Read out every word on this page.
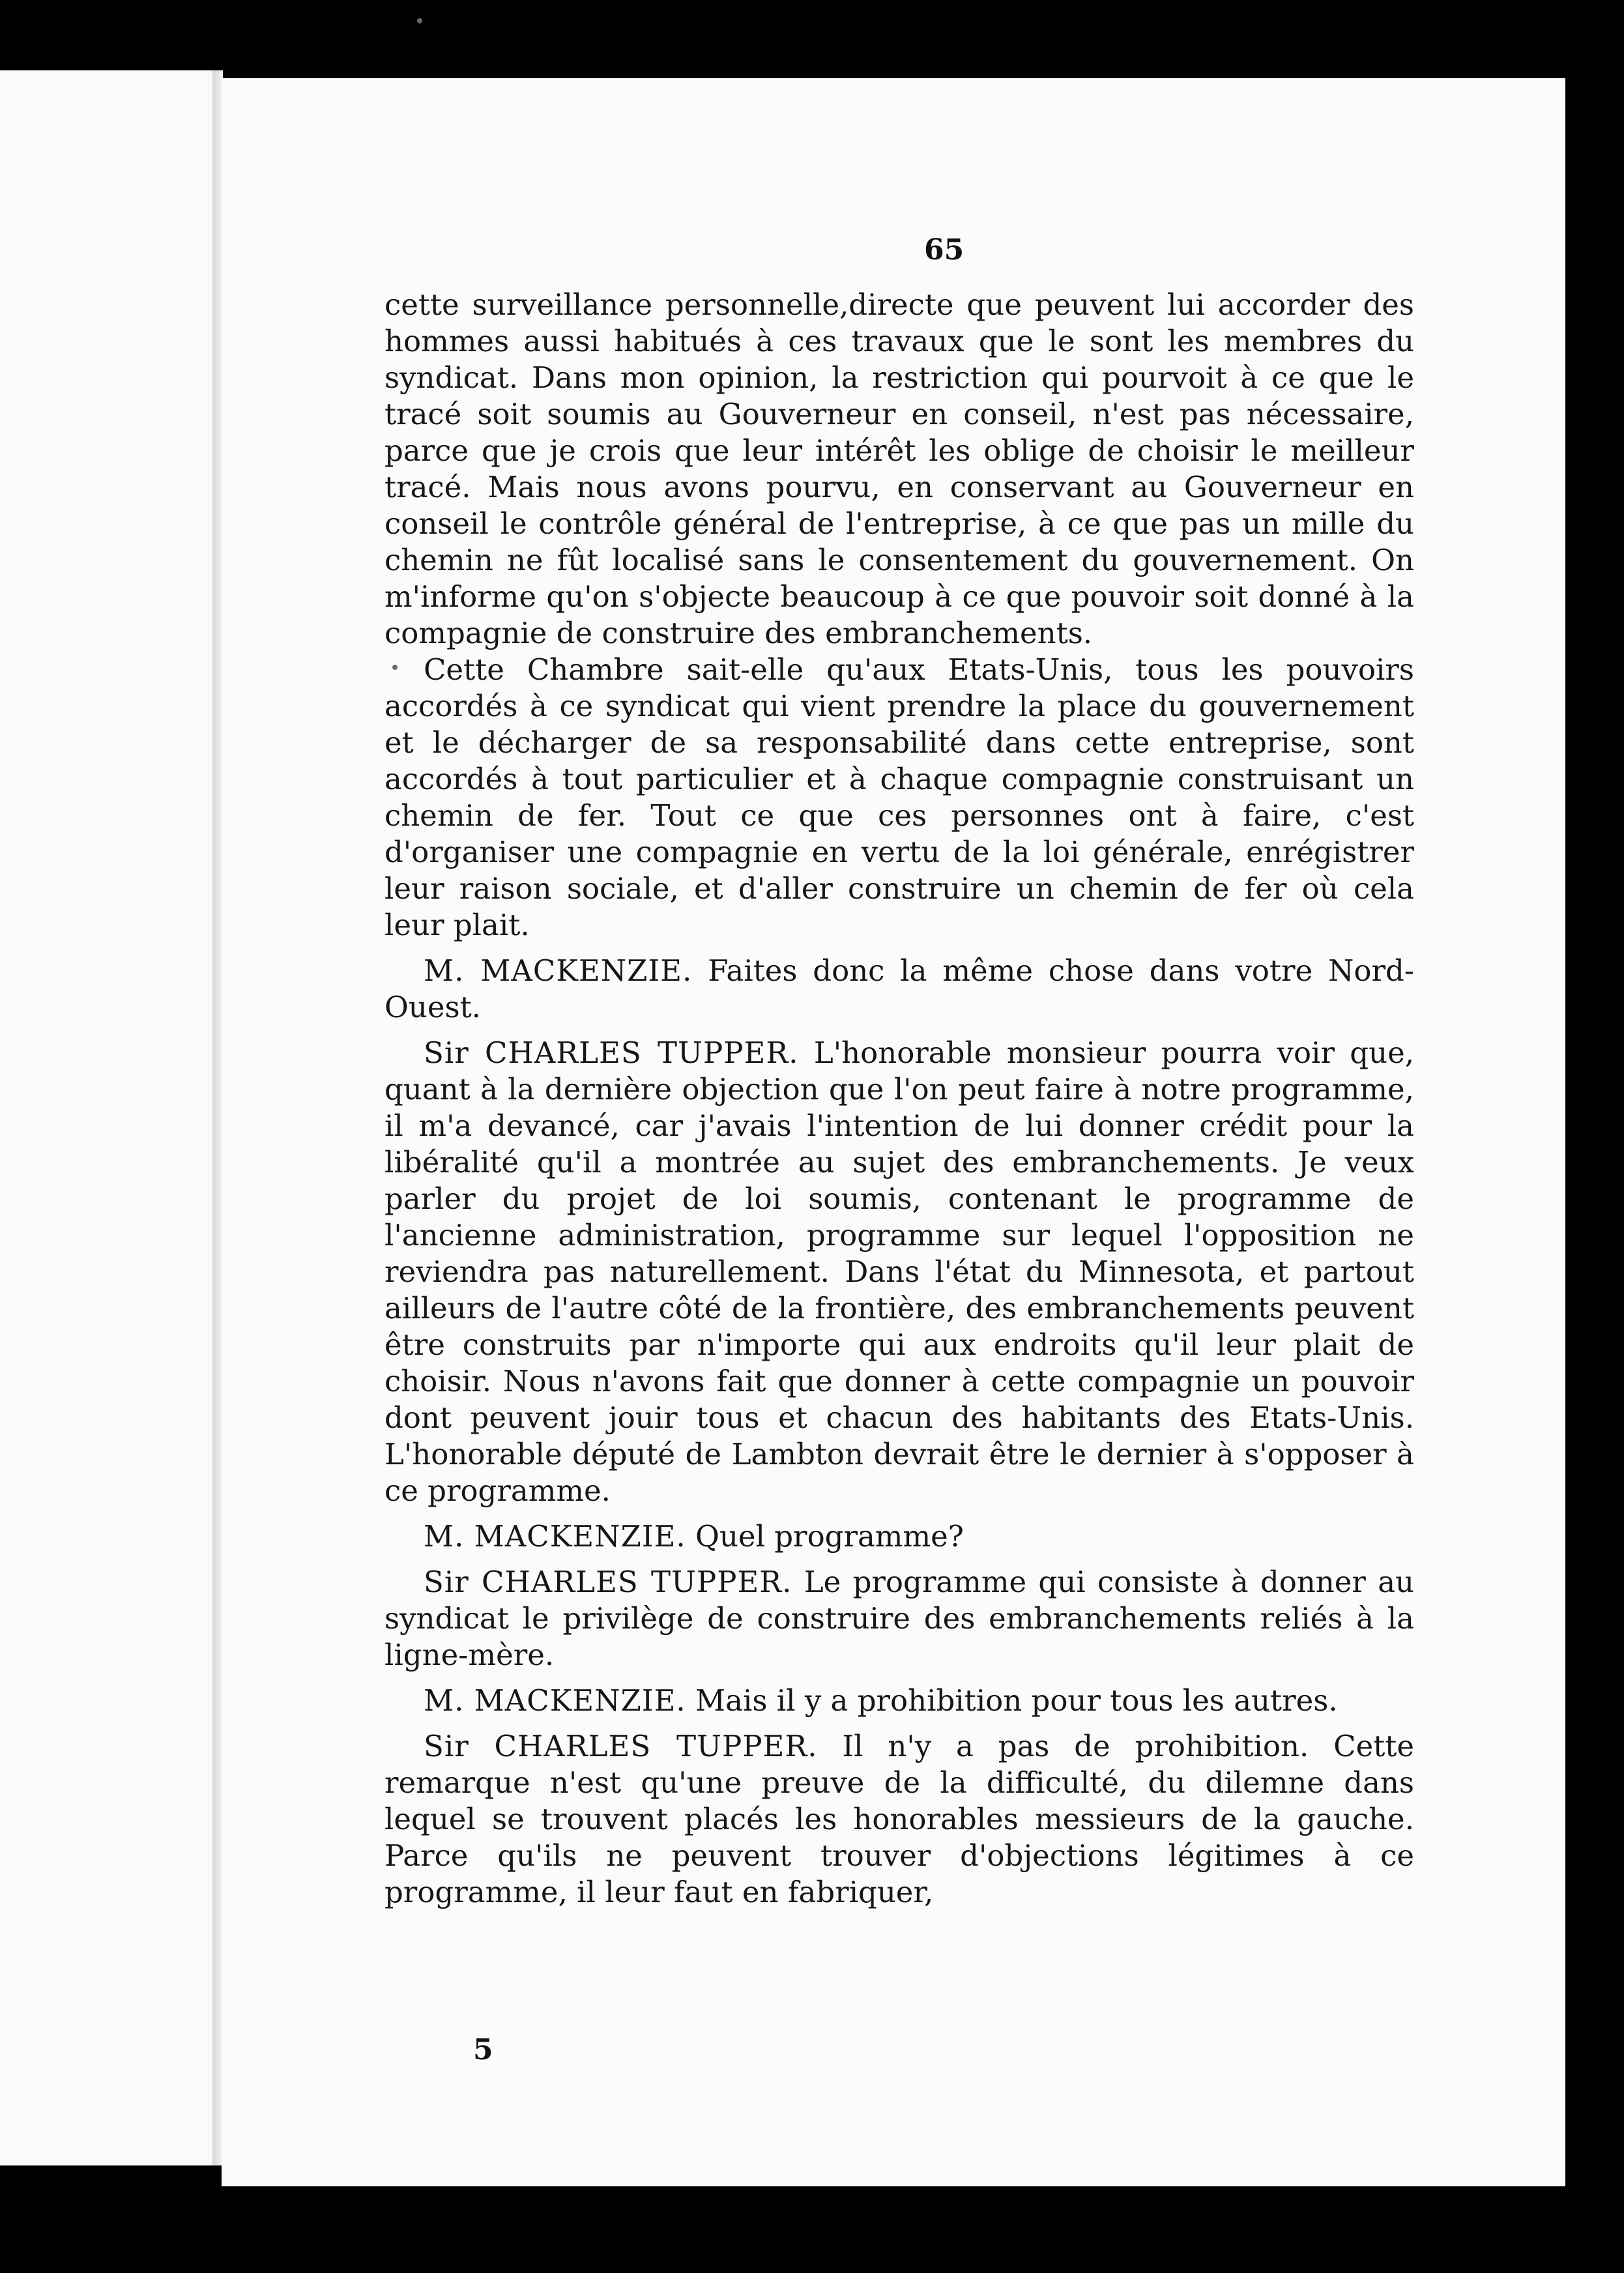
65

cette surveillance personnelle,directe que peuvent lui accorder des hommes aussi habitués à ces travaux que le sont les membres du syndicat. Dans mon opinion, la restriction qui pourvoit à ce que le tracé soit soumis au Gouverneur en conseil, n'est pas nécessaire, parce que je crois que leur intérêt les oblige de choisir le meilleur tracé. Mais nous avons pourvu, en conservant au Gouverneur en conseil le contrôle général de l'entreprise, à ce que pas un mille du chemin ne fût localisé sans le consentement du gouvernement. On m'informe qu'on s'objecte beaucoup à ce que pouvoir soit donné à la compagnie de construire des embranchements.

Cette Chambre sait-elle qu'aux Etats-Unis, tous les pouvoirs accordés à ce syndicat qui vient prendre la place du gouvernement et le décharger de sa responsabilité dans cette entreprise, sont accordés à tout particulier et à chaque compagnie construisant un chemin de fer. Tout ce que ces personnes ont à faire, c'est d'organiser une compagnie en vertu de la loi générale, enrégistrer leur raison sociale, et d'aller construire un chemin de fer où cela leur plait.

M. MACKENZIE. Faites donc la même chose dans votre Nord-Ouest.

Sir CHARLES TUPPER. L'honorable monsieur pourra voir que, quant à la dernière objection que l'on peut faire à notre programme, il m'a devancé, car j'avais l'intention de lui donner crédit pour la libéralité qu'il a montrée au sujet des embranchements. Je veux parler du projet de loi soumis, contenant le programme de l'ancienne administration, programme sur lequel l'opposition ne reviendra pas naturellement. Dans l'état du Minnesota, et partout ailleurs de l'autre côté de la frontière, des embranchements peuvent être construits par n'importe qui aux endroits qu'il leur plait de choisir. Nous n'avons fait que donner à cette compagnie un pouvoir dont peuvent jouir tous et chacun des habitants des Etats-Unis. L'honorable député de Lambton devrait être le dernier à s'opposer à ce programme.

M. MACKENZIE. Quel programme?

Sir CHARLES TUPPER. Le programme qui consiste à donner au syndicat le privilège de construire des embranchements reliés à la ligne-mère.

M. MACKENZIE. Mais il y a prohibition pour tous les autres.

Sir CHARLES TUPPER. Il n'y a pas de prohibition. Cette remarque n'est qu'une preuve de la difficulté, du dilemne dans lequel se trouvent placés les honorables messieurs de la gauche. Parce qu'ils ne peuvent trouver d'objections légitimes à ce programme, il leur faut en fabriquer,

5
